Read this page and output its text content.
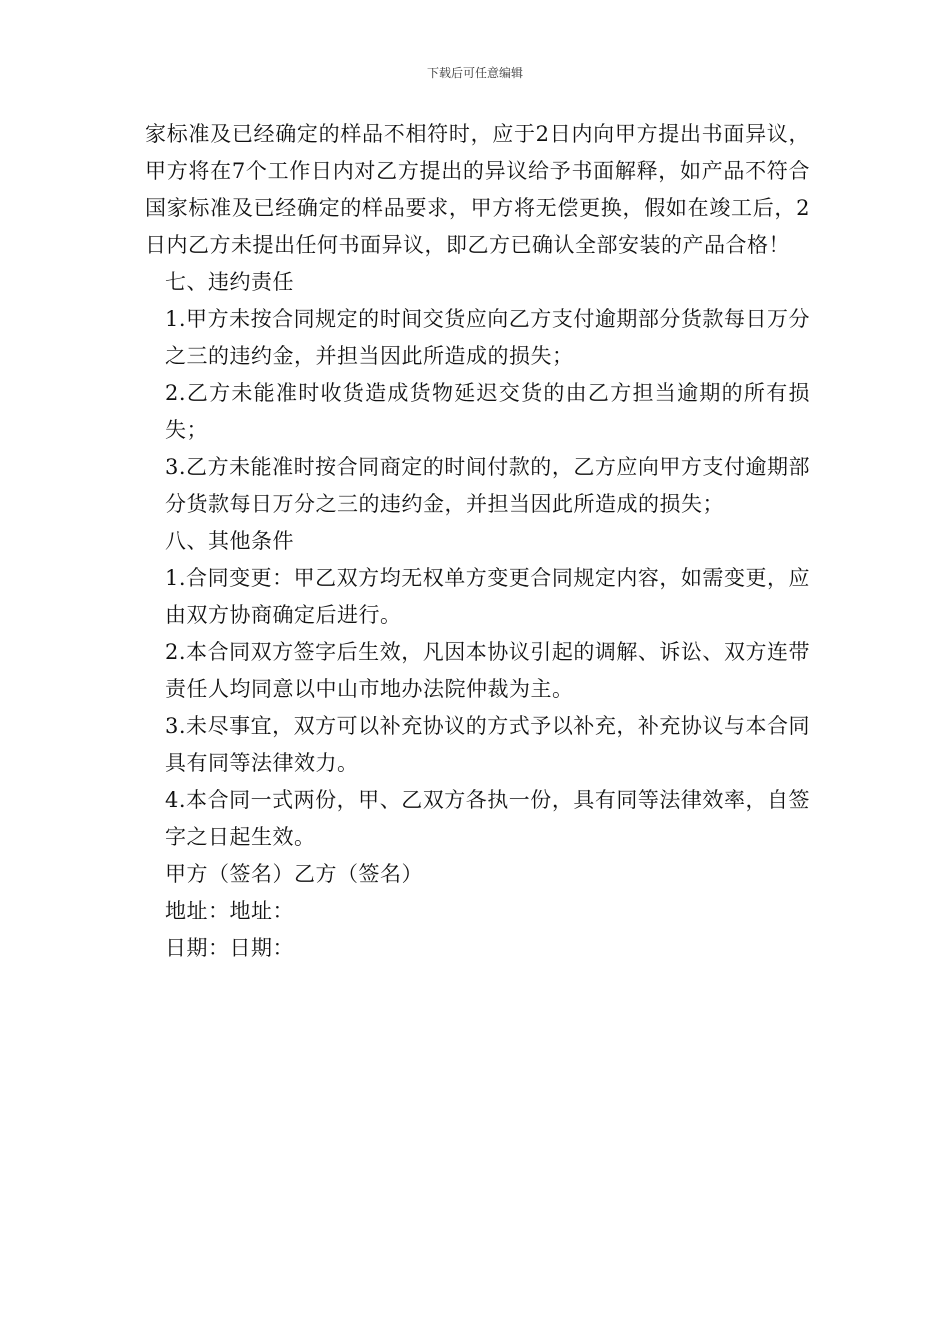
下载后可任意编辑

家标准及已经确定的样品不相符时，应于2日内向甲方提出书面异议，甲方将在7个工作日内对乙方提出的异议给予书面解释，如产品不符合国家标准及已经确定的样品要求，甲方将无偿更换，假如在竣工后，2日内乙方未提出任何书面异议，即乙方已确认全部安装的产品合格！

七、违约责任

1.甲方未按合同规定的时间交货应向乙方支付逾期部分货款每日万分之三的违约金，并担当因此所造成的损失；

2.乙方未能准时收货造成货物延迟交货的由乙方担当逾期的所有损失；

3.乙方未能准时按合同商定的时间付款的，乙方应向甲方支付逾期部分货款每日万分之三的违约金，并担当因此所造成的损失；

八、其他条件

1.合同变更：甲乙双方均无权单方变更合同规定内容，如需变更，应由双方协商确定后进行。

2.本合同双方签字后生效，凡因本协议引起的调解、诉讼、双方连带责任人均同意以中山市地办法院仲裁为主。

3.未尽事宜，双方可以补充协议的方式予以补充，补充协议与本合同具有同等法律效力。

4.本合同一式两份，甲、乙双方各执一份，具有同等法律效率，自签字之日起生效。

甲方（签名）乙方（签名）

地址：地址：

日期：日期：
